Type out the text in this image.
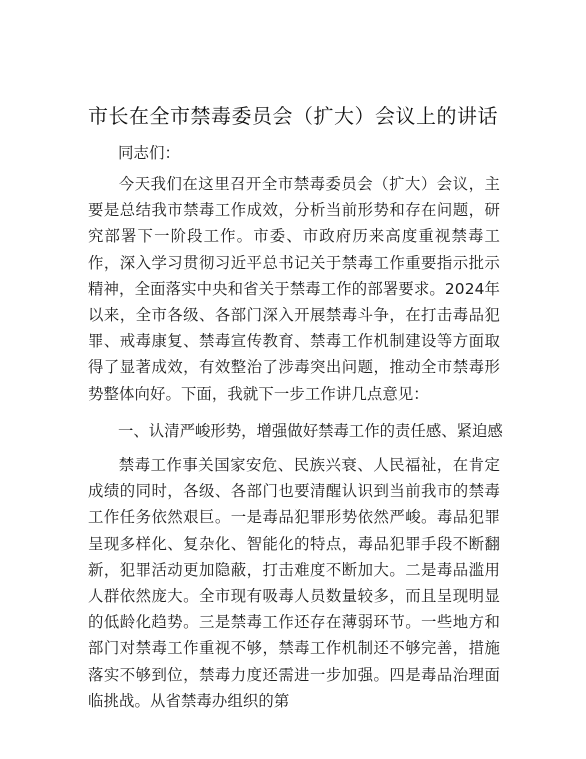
市长在全市禁毒委员会（扩大）会议上的讲话
同志们：

今天我们在这里召开全市禁毒委员会（扩大）会议，主要是总结我市禁毒工作成效，分析当前形势和存在问题，研究部署下一阶段工作。市委、市政府历来高度重视禁毒工作，深入学习贯彻习近平总书记关于禁毒工作重要指示批示精神，全面落实中央和省关于禁毒工作的部署要求。2024年以来，全市各级、各部门深入开展禁毒斗争，在打击毒品犯罪、戒毒康复、禁毒宣传教育、禁毒工作机制建设等方面取得了显著成效，有效整治了涉毒突出问题，推动全市禁毒形势整体向好。下面，我就下一步工作讲几点意见：

一、认清严峻形势，增强做好禁毒工作的责任感、紧迫感

禁毒工作事关国家安危、民族兴衰、人民福祉，在肯定成绩的同时，各级、各部门也要清醒认识到当前我市的禁毒工作任务依然艰巨。一是毒品犯罪形势依然严峻。毒品犯罪呈现多样化、复杂化、智能化的特点，毒品犯罪手段不断翻新，犯罪活动更加隐蔽，打击难度不断加大。二是毒品滥用人群依然庞大。全市现有吸毒人员数量较多，而且呈现明显的低龄化趋势。三是禁毒工作还存在薄弱环节。一些地方和部门对禁毒工作重视不够，禁毒工作机制还不够完善，措施落实不够到位，禁毒力度还需进一步加强。四是毒品治理面临挑战。从省禁毒办组织的第
